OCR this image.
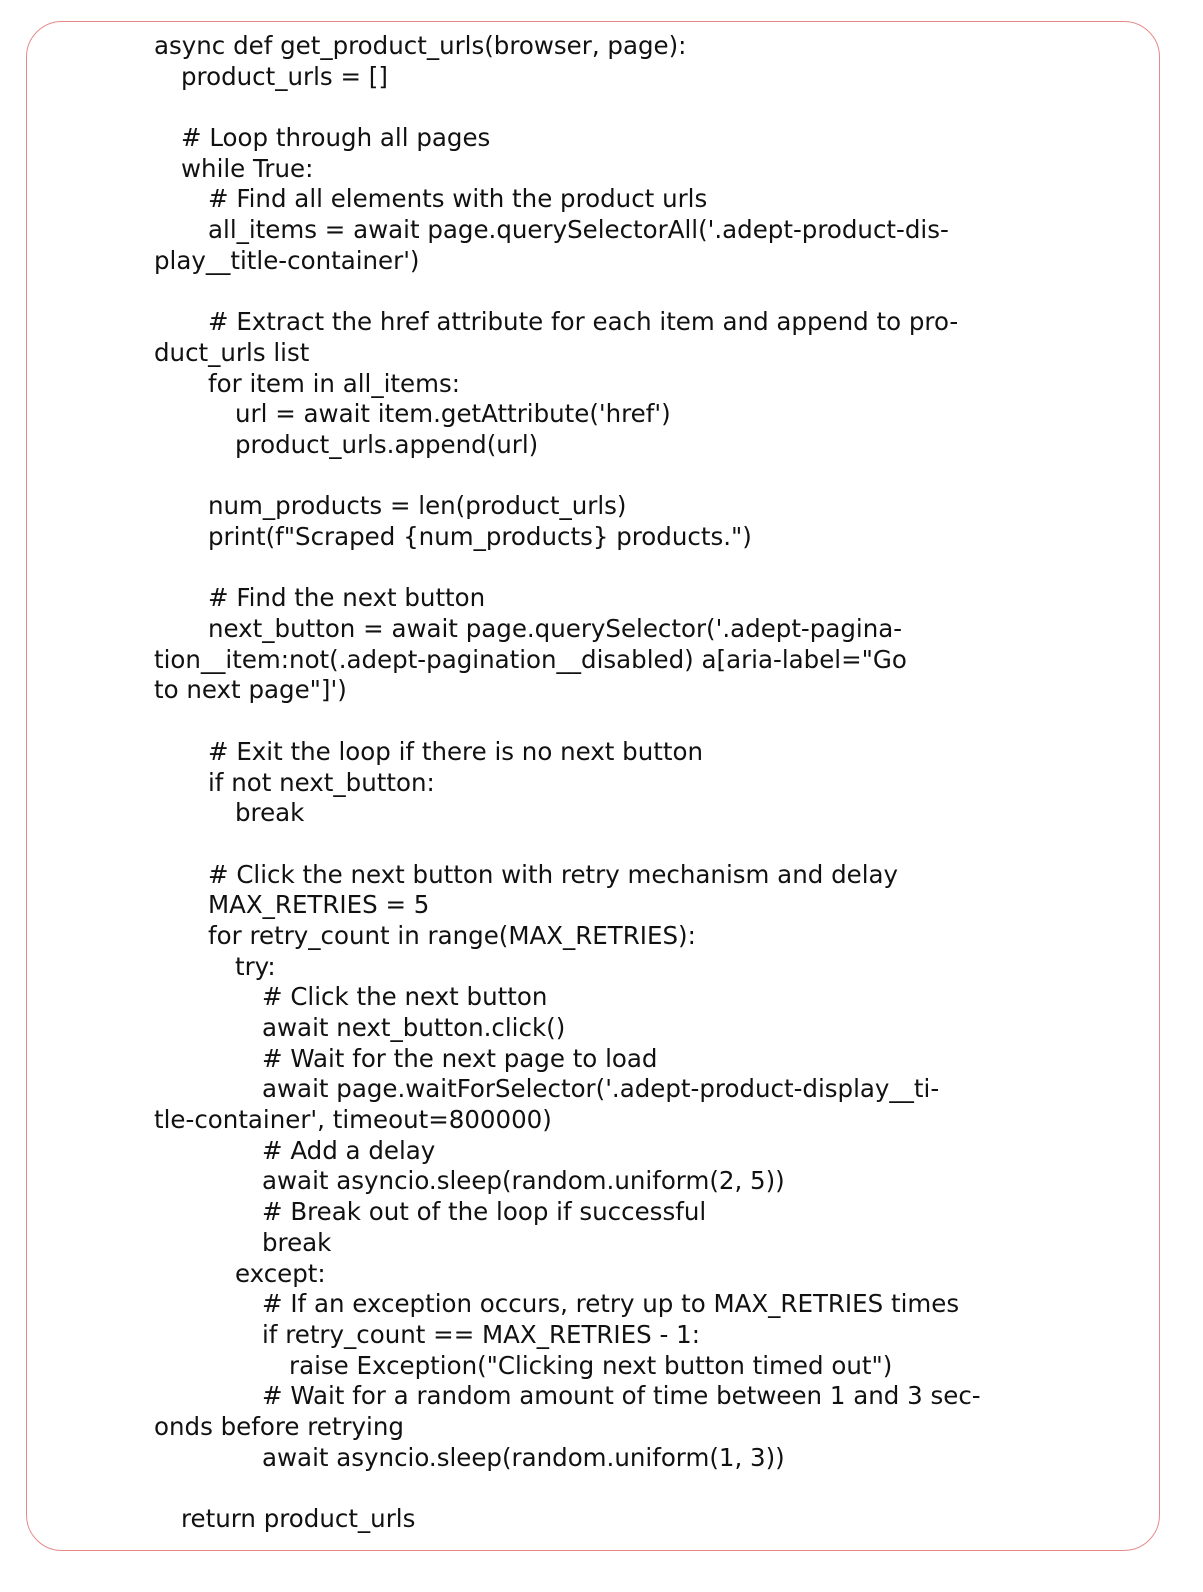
async def get_product_urls(browser, page):
product_urls = []
# Loop through all pages
while True:
# Find all elements with the product urls
all_items = await page.querySelectorAll('.adept-product-dis-
play__title-container')
# Extract the href attribute for each item and append to pro-
duct_urls list
for item in all_items:
url = await item.getAttribute('href')
product_urls.append(url)
num_products = len(product_urls)
print(f"Scraped {num_products} products.")
# Find the next button
next_button = await page.querySelector('.adept-pagina-
tion__item:not(.adept-pagination__disabled) a[aria-label="Go
to next page"]')
# Exit the loop if there is no next button
if not next_button:
break
# Click the next button with retry mechanism and delay
MAX_RETRIES = 5
for retry_count in range(MAX_RETRIES):
try:
# Click the next button
await next_button.click()
# Wait for the next page to load
await page.waitForSelector('.adept-product-display__ti-
tle-container', timeout=800000)
# Add a delay
await asyncio.sleep(random.uniform(2, 5))
# Break out of the loop if successful
break
except:
# If an exception occurs, retry up to MAX_RETRIES times
if retry_count == MAX_RETRIES - 1:
raise Exception("Clicking next button timed out")
# Wait for a random amount of time between 1 and 3 sec-
onds before retrying
await asyncio.sleep(random.uniform(1, 3))
return product_urls
